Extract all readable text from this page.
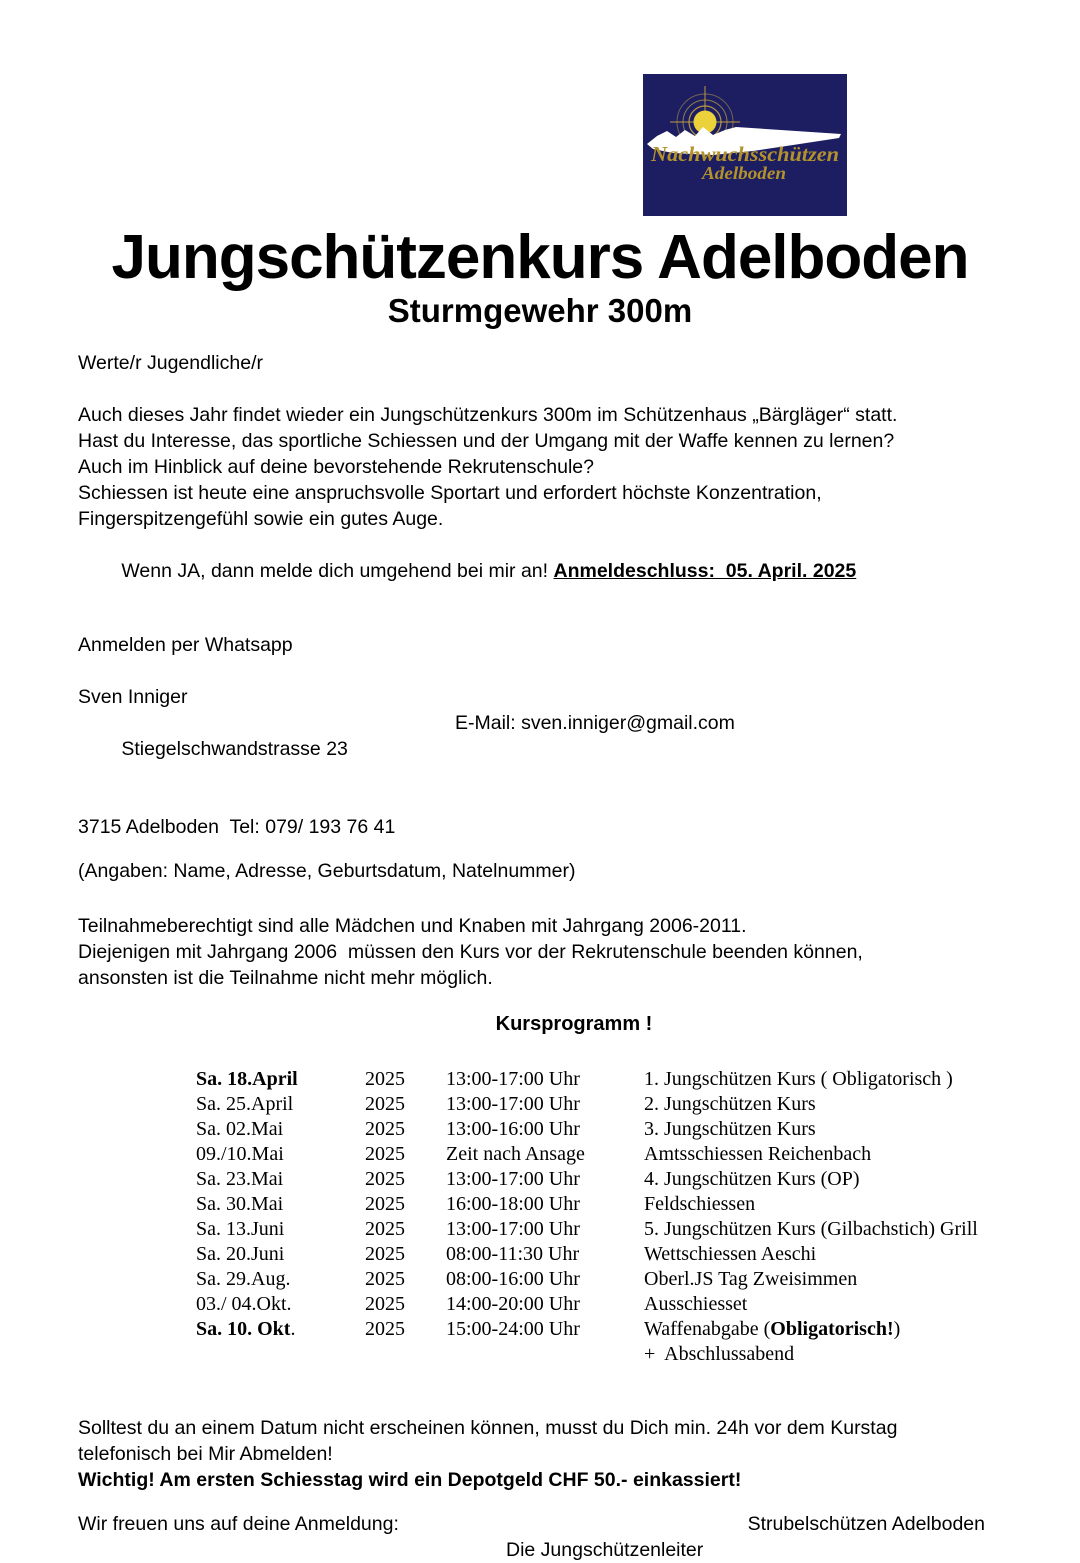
Nachwuchsschützen
Adelboden
Jungschützenkurs Adelboden
Sturmgewehr 300m
Werte/r Jugendliche/r
Auch dieses Jahr findet wieder ein Jungschützenkurs 300m im Schützenhaus „Bärgläger“ statt.
Hast du Interesse, das sportliche Schiessen und der Umgang mit der Waffe kennen zu lernen?
Auch im Hinblick auf deine bevorstehende Rekrutenschule?
Schiessen ist heute eine anspruchsvolle Sportart und erfordert höchste Konzentration,
Fingerspitzengefühl sowie ein gutes Auge.

Wenn JA, dann melde dich umgehend bei mir an! Anmeldeschluss:  05. April. 2025

Anmelden per Whatsapp
Sven Inniger

Stiegelschwandstrasse 23

E-Mail: sven.inniger@gmail.com

3715 Adelboden  Tel: 079/ 193 76 41
(Angaben: Name, Adresse, Geburtsdatum, Natelnummer)
Teilnahmeberechtigt sind alle Mädchen und Knaben mit Jahrgang 2006-2011.
Diejenigen mit Jahrgang 2006  müssen den Kurs vor der Rekrutenschule beenden können,
ansonsten ist die Teilnahme nicht mehr möglich.
Kursprogramm !
Sa. 18.April	2025	13:00-17:00 Uhr	1. Jungschützen Kurs ( Obligatorisch )
Sa. 25.April	2025	13:00-17:00 Uhr	2. Jungschützen Kurs
Sa. 02.Mai	2025	13:00-16:00 Uhr	3. Jungschützen Kurs
09./10.Mai	2025	Zeit nach Ansage	Amtsschiessen Reichenbach
Sa. 23.Mai	2025	13:00-17:00 Uhr	4. Jungschützen Kurs (OP)
Sa. 30.Mai	2025	16:00-18:00 Uhr	Feldschiessen
Sa. 13.Juni	2025	13:00-17:00 Uhr	5. Jungschützen Kurs (Gilbachstich) Grill
Sa. 20.Juni	2025	08:00-11:30 Uhr	Wettschiessen Aeschi
Sa. 29.Aug.	2025	08:00-16:00 Uhr	Oberl.JS Tag Zweisimmen
03./ 04.Okt.	2025	14:00-20:00 Uhr	Ausschiesset
Sa. 10. Okt.	2025	15:00-24:00 Uhr	Waffenabgabe (Obligatorisch!)
+  Abschlussabend
Solltest du an einem Datum nicht erscheinen können, musst du Dich min. 24h vor dem Kurstag
telefonisch bei Mir Abmelden!
Wichtig! Am ersten Schiesstag wird ein Depotgeld CHF 50.- einkassiert!
Wir freuen uns auf deine Anmeldung:	Strubelschützen Adelboden
Die Jungschützenleiter
